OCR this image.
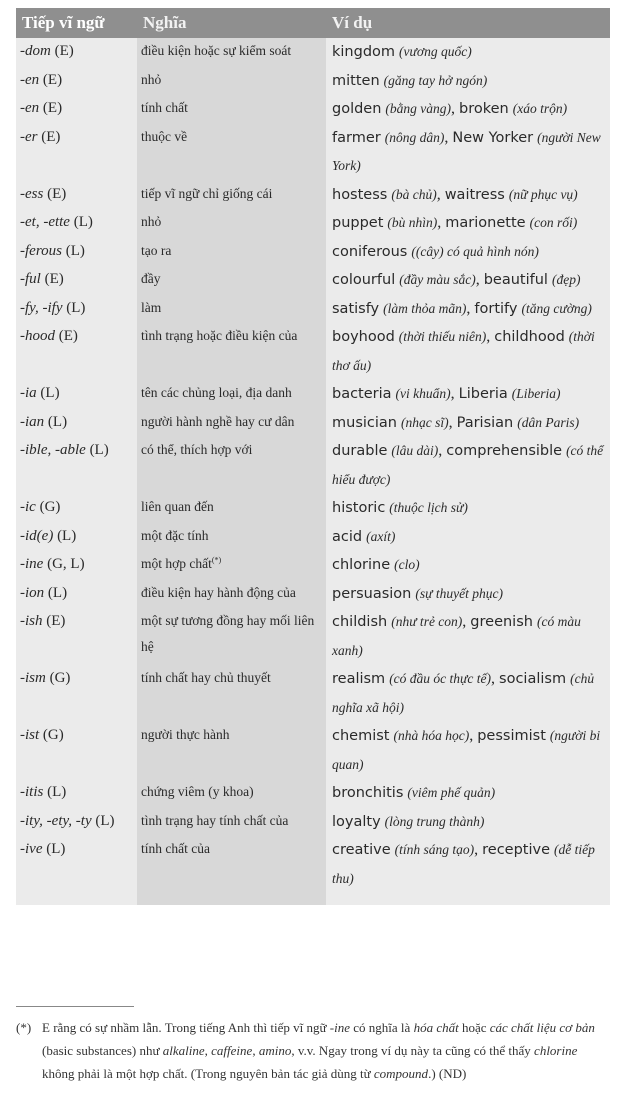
Tiếp vĩ ngữ	Nghĩa	Ví dụ
-dom (E)	điều kiện hoặc sự kiểm soát	kingdom (vương quốc)
-en (E)	nhỏ	mitten (găng tay hở ngón)
-en (E)	tính chất	golden (bằng vàng), broken (xáo trộn)
-er (E)	thuộc về	farmer (nông dân), New Yorker (người New York)
-ess (E)	tiếp vĩ ngữ chỉ giống cái	hostess (bà chủ), waitress (nữ phục vụ)
-et, -ette (L)	nhỏ	puppet (bù nhìn), marionette (con rối)
-ferous (L)	tạo ra	coniferous ((cây) có quả hình nón)
-ful (E)	đầy	colourful (đầy màu sắc), beautiful (đẹp)
-fy, -ify (L)	làm	satisfy (làm thỏa mãn), fortify (tăng cường)
-hood (E)	tình trạng hoặc điều kiện của	boyhood (thời thiếu niên), childhood (thời thơ ấu)
-ia (L)	tên các chủng loại, địa danh	bacteria (vi khuẩn), Liberia (Liberia)
-ian (L)	người hành nghề hay cư dân	musician (nhạc sĩ), Parisian (dân Paris)
-ible, -able (L)	có thể, thích hợp với	durable (lâu dài), comprehensible (có thể hiểu được)
-ic (G)	liên quan đến	historic (thuộc lịch sử)
-id(e) (L)	một đặc tính	acid (axít)
-ine (G, L)	một hợp chất(*)	chlorine (clo)
-ion (L)	điều kiện hay hành động của	persuasion (sự thuyết phục)
-ish (E)	một sự tương đồng hay mối liên hệ	childish (như trẻ con), greenish (có màu xanh)
-ism (G)	tính chất hay chủ thuyết	realism (có đầu óc thực tế), socialism (chủ nghĩa xã hội)
-ist (G)	người thực hành	chemist (nhà hóa học), pessimist (người bi quan)
-itis (L)	chứng viêm (y khoa)	bronchitis (viêm phế quản)
-ity, -ety, -ty (L)	tình trạng hay tính chất của	loyalty (lòng trung thành)
-ive (L)	tính chất của	creative (tính sáng tạo), receptive (dễ tiếp thu)
(*) E rằng có sự nhầm lẫn. Trong tiếng Anh thì tiếp vĩ ngữ -ine có nghĩa là hóa chất hoặc các chất liệu cơ bản (basic substances) như alkaline, caffeine, amino, v.v. Ngay trong ví dụ này ta cũng có thể thấy chlorine không phải là một hợp chất. (Trong nguyên bản tác giả dùng từ compound.) (ND)
